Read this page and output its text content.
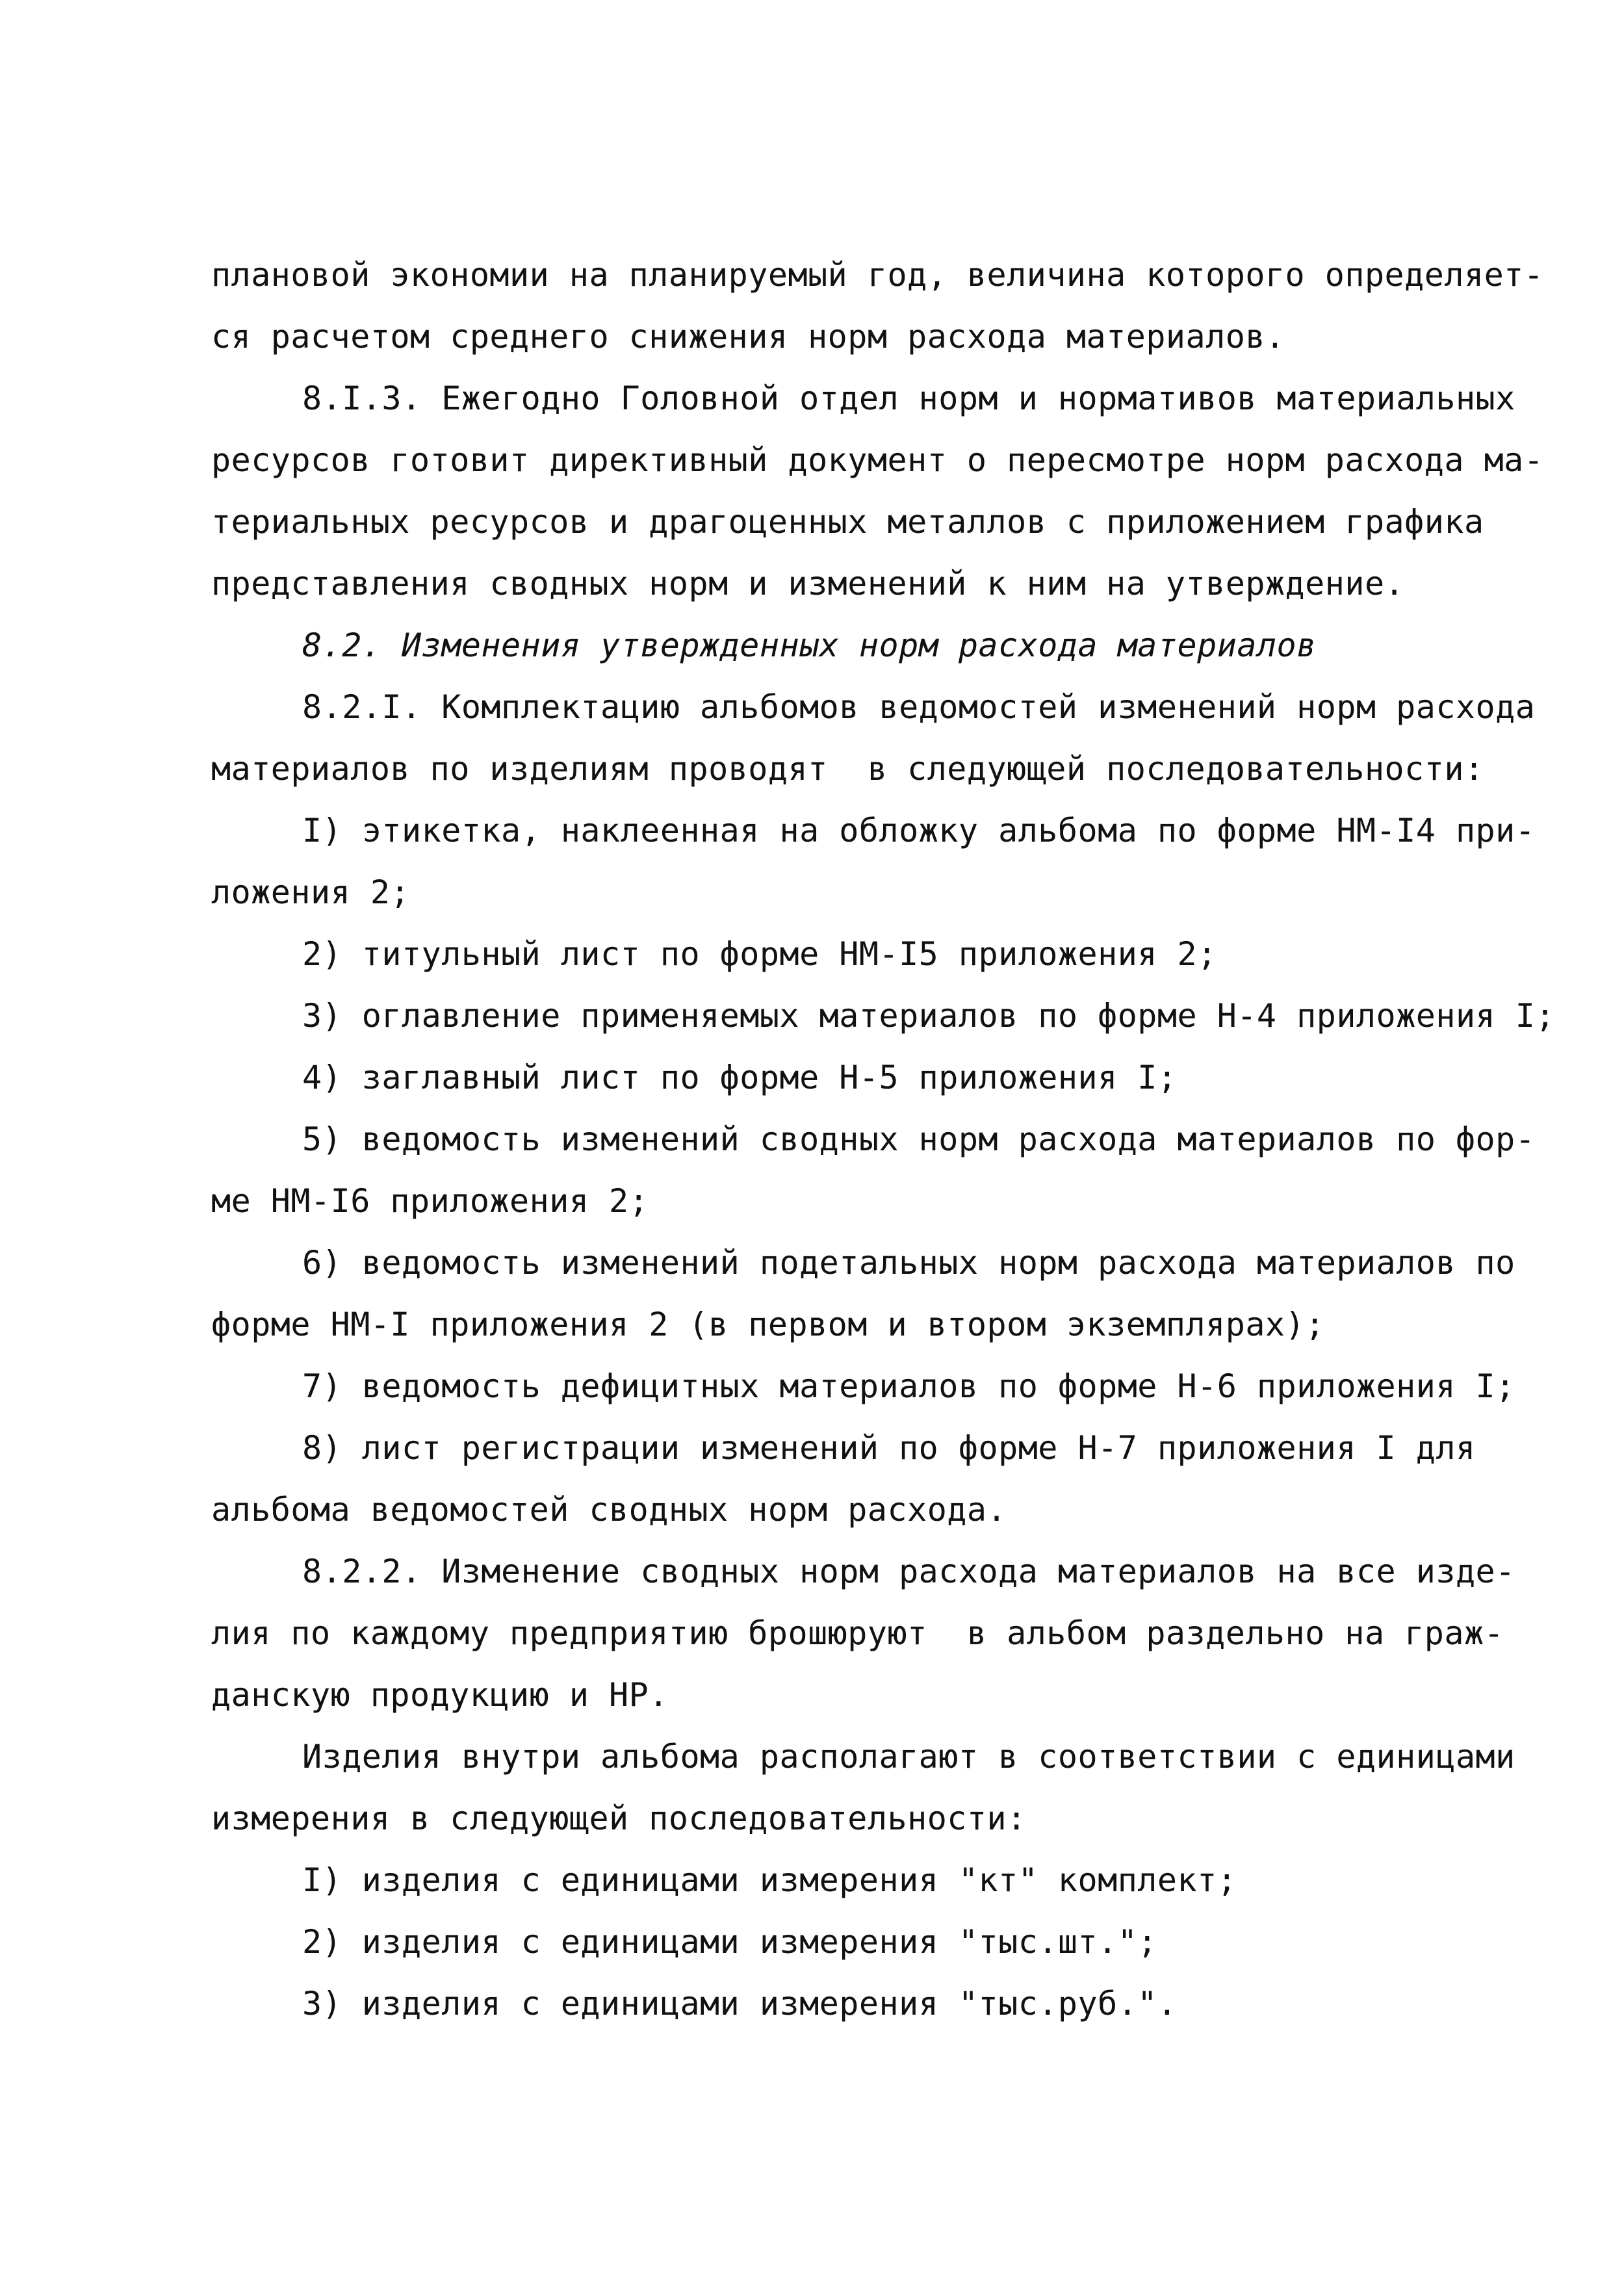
плановой экономии на планируемый год, величина которого определяет-
ся расчетом среднего снижения норм расхода материалов.
8.I.3. Ежегодно Головной отдел норм и нормативов материальных
ресурсов готовит директивный документ о пересмотре норм расхода ма-
териальных ресурсов и драгоценных металлов с приложением графика
представления сводных норм и изменений к ним на утверждение.
8.2. Изменения утвержденных норм расхода материалов
8.2.I. Комплектацию альбомов ведомостей изменений норм расхода
материалов по изделиям проводят  в следующей последовательности:
I) этикетка, наклеенная на обложку альбома по форме НМ-I4 при-
ложения 2;
2) титульный лист по форме НМ-I5 приложения 2;
3) оглавление применяемых материалов по форме Н-4 приложения I;
4) заглавный лист по форме Н-5 приложения I;
5) ведомость изменений сводных норм расхода материалов по фор-
ме НМ-I6 приложения 2;
6) ведомость изменений подетальных норм расхода материалов по
форме НМ-I приложения 2 (в первом и втором экземплярах);
7) ведомость дефицитных материалов по форме Н-6 приложения I;
8) лист регистрации изменений по форме Н-7 приложения I для
альбома ведомостей сводных норм расхода.
8.2.2. Изменение сводных норм расхода материалов на все изде-
лия по каждому предприятию брошюруют  в альбом раздельно на граж-
данскую продукцию и НР.
Изделия внутри альбома располагают в соответствии с единицами
измерения в следующей последовательности:
I) изделия с единицами измерения "кт" комплект;
2) изделия с единицами измерения "тыс.шт.";
3) изделия с единицами измерения "тыс.руб.".
